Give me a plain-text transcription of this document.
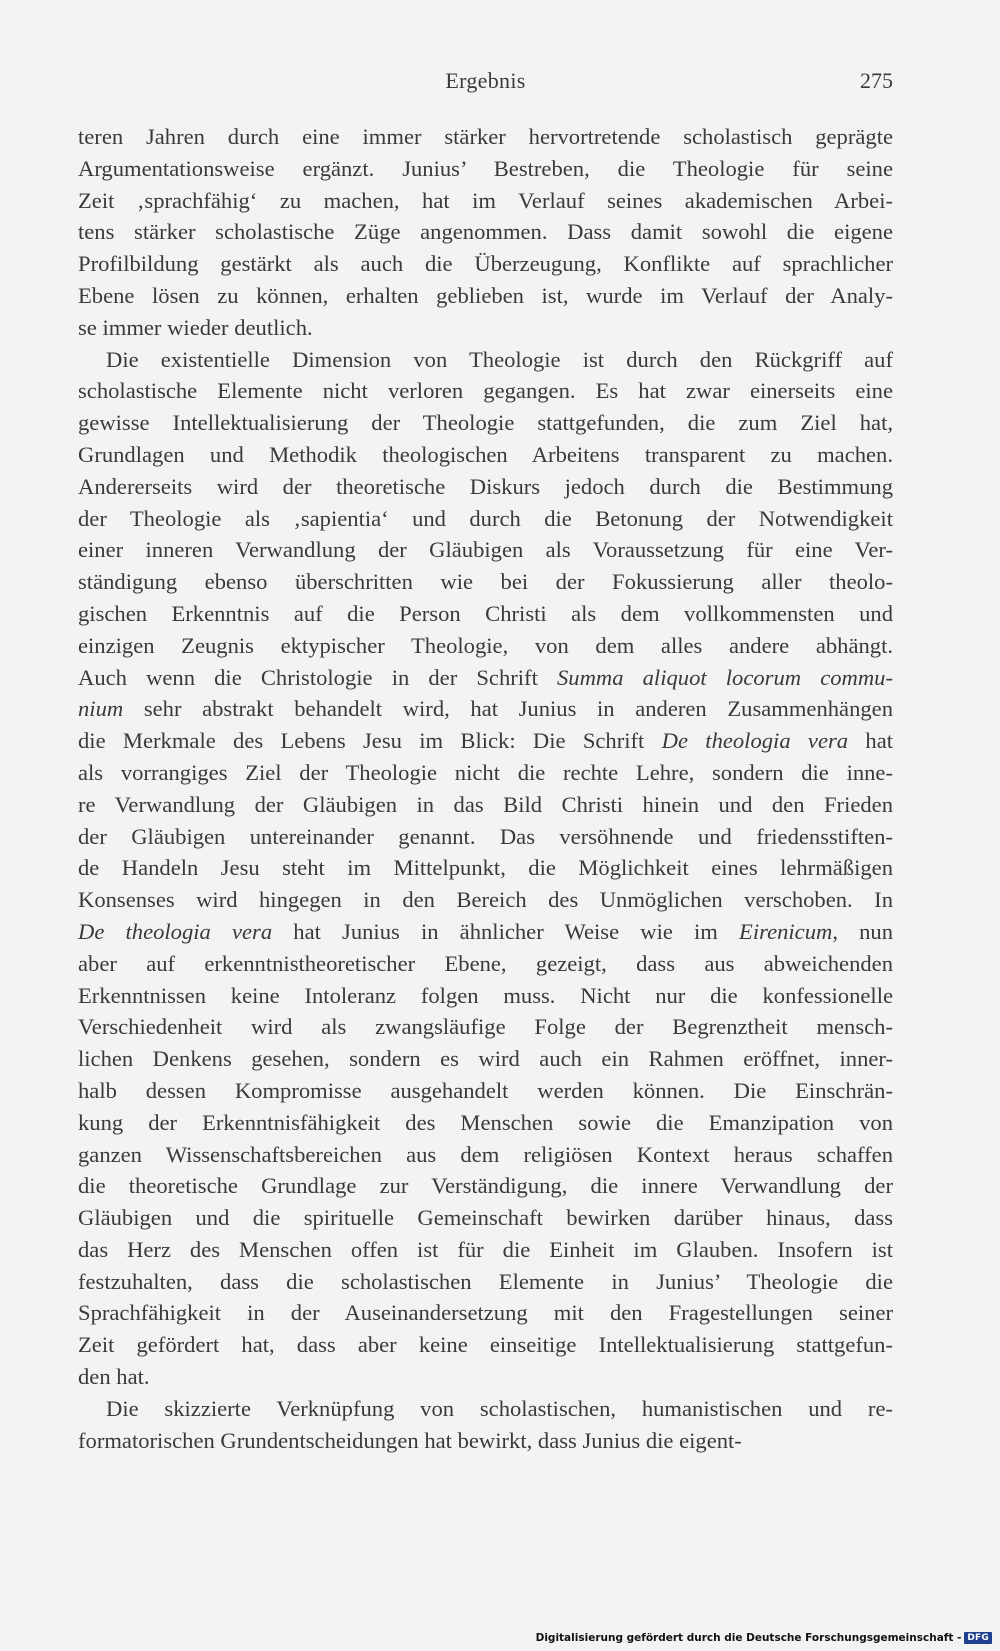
Ergebnis	275
teren Jahren durch eine immer stärker hervortretende scholastisch geprägte
Argumentationsweise ergänzt. Junius’ Bestreben, die Theologie für seine
Zeit ‚sprachfähig‘ zu machen, hat im Verlauf seines akademischen Arbei-
tens stärker scholastische Züge angenommen. Dass damit sowohl die eigene
Profilbildung gestärkt als auch die Überzeugung, Konflikte auf sprachlicher
Ebene lösen zu können, erhalten geblieben ist, wurde im Verlauf der Analy-
se immer wieder deutlich.
Die existentielle Dimension von Theologie ist durch den Rückgriff auf
scholastische Elemente nicht verloren gegangen. Es hat zwar einerseits eine
gewisse Intellektualisierung der Theologie stattgefunden, die zum Ziel hat,
Grundlagen und Methodik theologischen Arbeitens transparent zu machen.
Andererseits wird der theoretische Diskurs jedoch durch die Bestimmung
der Theologie als ‚sapientia‘ und durch die Betonung der Notwendigkeit
einer inneren Verwandlung der Gläubigen als Voraussetzung für eine Ver-
ständigung ebenso überschritten wie bei der Fokussierung aller theolo-
gischen Erkenntnis auf die Person Christi als dem vollkommensten und
einzigen Zeugnis ektypischer Theologie, von dem alles andere abhängt.
Auch wenn die Christologie in der Schrift Summa aliquot locorum commu-
nium sehr abstrakt behandelt wird, hat Junius in anderen Zusammenhängen
die Merkmale des Lebens Jesu im Blick: Die Schrift De theologia vera hat
als vorrangiges Ziel der Theologie nicht die rechte Lehre, sondern die inne-
re Verwandlung der Gläubigen in das Bild Christi hinein und den Frieden
der Gläubigen untereinander genannt. Das versöhnende und friedensstiften-
de Handeln Jesu steht im Mittelpunkt, die Möglichkeit eines lehrmäßigen
Konsenses wird hingegen in den Bereich des Unmöglichen verschoben. In
De theologia vera hat Junius in ähnlicher Weise wie im Eirenicum, nun
aber auf erkenntnistheoretischer Ebene, gezeigt, dass aus abweichenden
Erkenntnissen keine Intoleranz folgen muss. Nicht nur die konfessionelle
Verschiedenheit wird als zwangsläufige Folge der Begrenztheit mensch-
lichen Denkens gesehen, sondern es wird auch ein Rahmen eröffnet, inner-
halb dessen Kompromisse ausgehandelt werden können. Die Einschrän-
kung der Erkenntnisfähigkeit des Menschen sowie die Emanzipation von
ganzen Wissenschaftsbereichen aus dem religiösen Kontext heraus schaffen
die theoretische Grundlage zur Verständigung, die innere Verwandlung der
Gläubigen und die spirituelle Gemeinschaft bewirken darüber hinaus, dass
das Herz des Menschen offen ist für die Einheit im Glauben. Insofern ist
festzuhalten, dass die scholastischen Elemente in Junius’ Theologie die
Sprachfähigkeit in der Auseinandersetzung mit den Fragestellungen seiner
Zeit gefördert hat, dass aber keine einseitige Intellektualisierung stattgefun-
den hat.
Die skizzierte Verknüpfung von scholastischen, humanistischen und re-
formatorischen Grundentscheidungen hat bewirkt, dass Junius die eigent-
Digitalisierung gefördert durch die Deutsche Forschungsgemeinschaft - DFG
